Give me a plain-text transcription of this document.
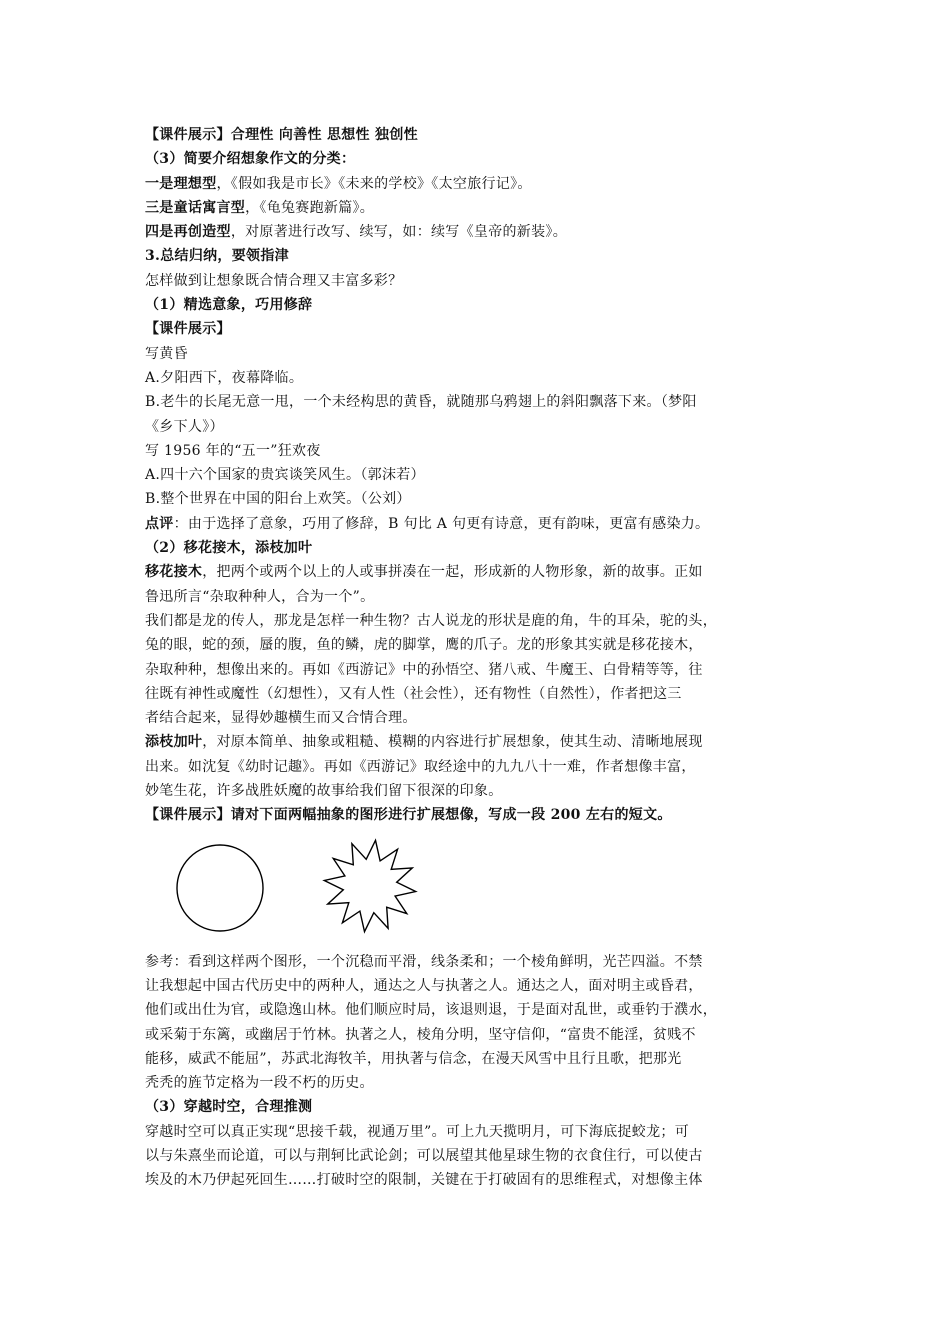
【课件展示】合理性 向善性 思想性 独创性
（3）简要介绍想象作文的分类：
一是理想型，《假如我是市长》《未来的学校》《太空旅行记》。
三是童话寓言型，《龟兔赛跑新篇》。
四是再创造型，对原著进行改写、续写，如：续写《皇帝的新装》。
3.总结归纳，要领指津
怎样做到让想象既合情合理又丰富多彩？
（1）精选意象，巧用修辞
【课件展示】
写黄昏
A.夕阳西下，夜幕降临。
B.老牛的长尾无意一甩，一个未经构思的黄昏，就随那乌鸦翅上的斜阳飘落下来。（梦阳
《乡下人》）
写 1956 年的“五一”狂欢夜
A.四十六个国家的贵宾谈笑风生。（郭沫若）
B.整个世界在中国的阳台上欢笑。（公刘）
点评：由于选择了意象，巧用了修辞，B 句比 A 句更有诗意，更有韵味，更富有感染力。
（2）移花接木，添枝加叶
移花接木，把两个或两个以上的人或事拼凑在一起，形成新的人物形象，新的故事。正如
鲁迅所言“杂取种种人，合为一个”。
我们都是龙的传人，那龙是怎样一种生物？古人说龙的形状是鹿的角，牛的耳朵，驼的头，
兔的眼，蛇的颈，蜃的腹，鱼的鳞，虎的脚掌，鹰的爪子。龙的形象其实就是移花接木，
杂取种种，想像出来的。再如《西游记》中的孙悟空、猪八戒、牛魔王、白骨精等等，往
往既有神性或魔性（幻想性），又有人性（社会性），还有物性（自然性），作者把这三
者结合起来，显得妙趣横生而又合情合理。
添枝加叶，对原本简单、抽象或粗糙、模糊的内容进行扩展想象，使其生动、清晰地展现
出来。如沈复《幼时记趣》。再如《西游记》取经途中的九九八十一难，作者想像丰富，
妙笔生花，许多战胜妖魔的故事给我们留下很深的印象。
【课件展示】请对下面两幅抽象的图形进行扩展想像，写成一段 200 左右的短文。
参考：看到这样两个图形，一个沉稳而平滑，线条柔和；一个棱角鲜明，光芒四溢。不禁
让我想起中国古代历史中的两种人，通达之人与执著之人。通达之人，面对明主或昏君，
他们或出仕为官，或隐逸山林。他们顺应时局，该退则退，于是面对乱世，或垂钓于濮水，
或采菊于东篱，或幽居于竹林。执著之人，棱角分明，坚守信仰，“富贵不能淫，贫贱不
能移，威武不能屈”，苏武北海牧羊，用执著与信念，在漫天风雪中且行且歌，把那光
秃秃的旌节定格为一段不朽的历史。
（3）穿越时空，合理推测
穿越时空可以真正实现“思接千载，视通万里”。可上九天揽明月，可下海底捉蛟龙；可
以与朱熹坐而论道，可以与荆轲比武论剑；可以展望其他星球生物的衣食住行，可以使古
埃及的木乃伊起死回生……打破时空的限制，关键在于打破固有的思维程式，对想像主体
